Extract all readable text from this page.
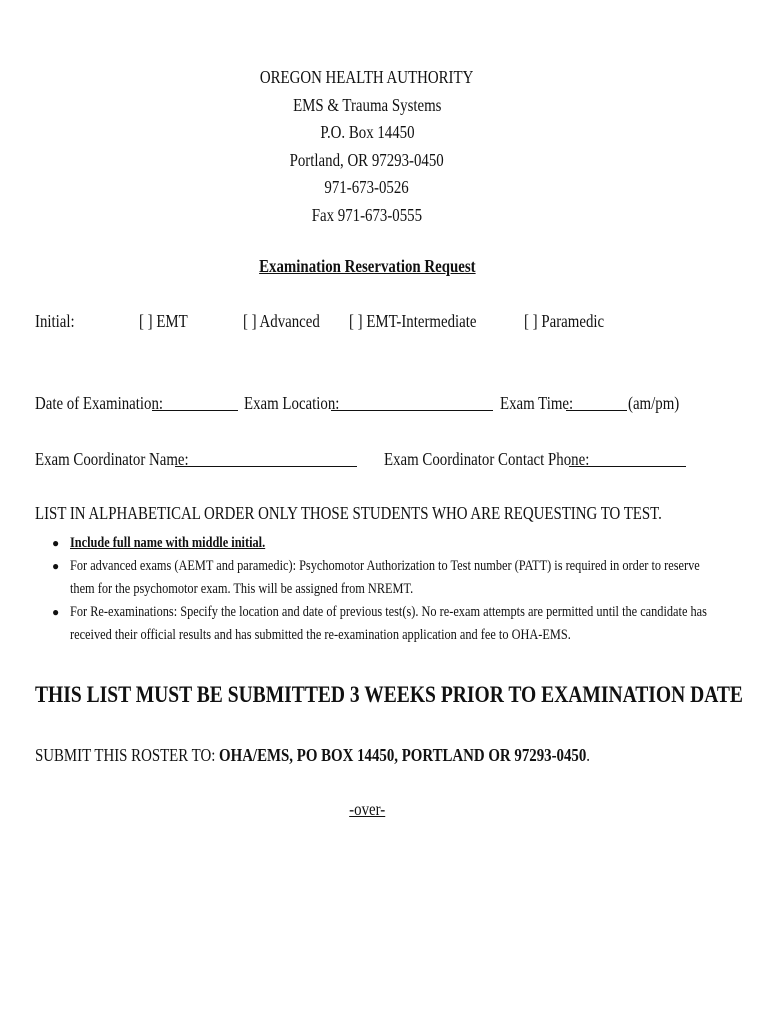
OREGON HEALTH AUTHORITY
EMS & Trauma Systems
P.O. Box 14450
Portland, OR 97293-0450
971-673-0526
Fax 971-673-0555
Examination Reservation Request
Initial:	[ ] EMT	[ ] Advanced	[ ] EMT-Intermediate	[ ] Paramedic
Date of Examination:	Exam Location:	Exam Time:	(am/pm)
Exam Coordinator Name:	Exam Coordinator Contact Phone:
LIST IN ALPHABETICAL ORDER ONLY THOSE STUDENTS WHO ARE REQUESTING TO TEST.
● Include full name with middle initial.
● For advanced exams (AEMT and paramedic): Psychomotor Authorization to Test number (PATT) is required in order to reserve them for the psychomotor exam. This will be assigned from NREMT.
● For Re-examinations: Specify the location and date of previous test(s). No re-exam attempts are permitted until the candidate has received their official results and has submitted the re-examination application and fee to OHA-EMS.
THIS LIST MUST BE SUBMITTED 3 WEEKS PRIOR TO EXAMINATION DATE
SUBMIT THIS ROSTER TO: OHA/EMS, PO BOX 14450, PORTLAND OR 97293-0450.
-over-
